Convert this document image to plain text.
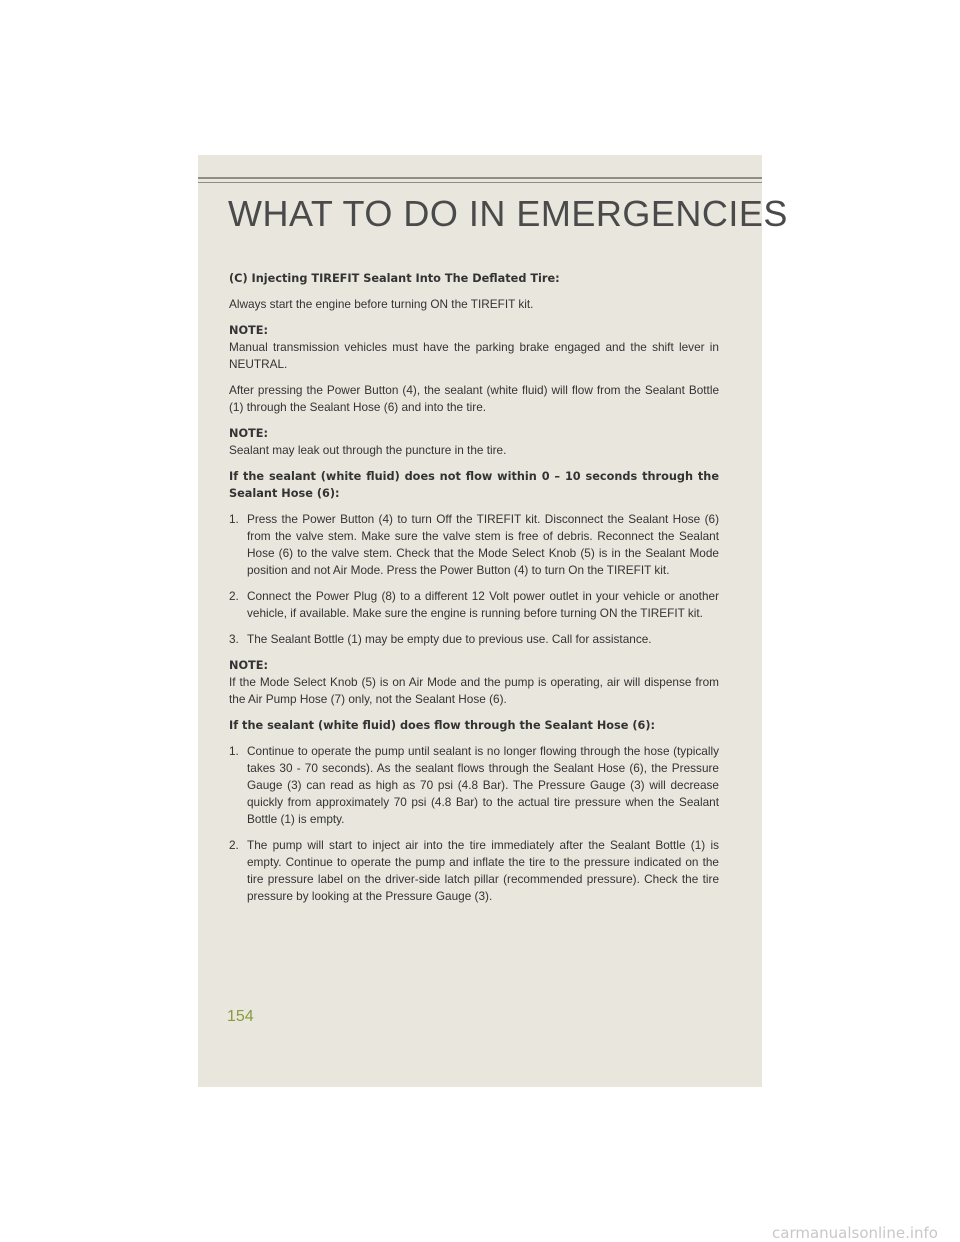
WHAT TO DO IN EMERGENCIES

(C) Injecting TIREFIT Sealant Into The Deflated Tire:

Always start the engine before turning ON the TIREFIT kit.

NOTE:
Manual transmission vehicles must have the parking brake engaged and the shift lever in NEUTRAL.

After pressing the Power Button (4), the sealant (white fluid) will flow from the Sealant Bottle (1) through the Sealant Hose (6) and into the tire.

NOTE:
Sealant may leak out through the puncture in the tire.

If the sealant (white fluid) does not flow within 0 – 10 seconds through the Sealant Hose (6):

1. Press the Power Button (4) to turn Off the TIREFIT kit. Disconnect the Sealant Hose (6) from the valve stem. Make sure the valve stem is free of debris. Reconnect the Sealant Hose (6) to the valve stem. Check that the Mode Select Knob (5) is in the Sealant Mode position and not Air Mode. Press the Power Button (4) to turn On the TIREFIT kit.
2. Connect the Power Plug (8) to a different 12 Volt power outlet in your vehicle or another vehicle, if available. Make sure the engine is running before turning ON the TIREFIT kit.
3. The Sealant Bottle (1) may be empty due to previous use. Call for assistance.

NOTE:
If the Mode Select Knob (5) is on Air Mode and the pump is operating, air will dispense from the Air Pump Hose (7) only, not the Sealant Hose (6).

If the sealant (white fluid) does flow through the Sealant Hose (6):

1. Continue to operate the pump until sealant is no longer flowing through the hose (typically takes 30 - 70 seconds). As the sealant flows through the Sealant Hose (6), the Pressure Gauge (3) can read as high as 70 psi (4.8 Bar). The Pressure Gauge (3) will decrease quickly from approximately 70 psi (4.8 Bar) to the actual tire pressure when the Sealant Bottle (1) is empty.
2. The pump will start to inject air into the tire immediately after the Sealant Bottle (1) is empty. Continue to operate the pump and inflate the tire to the pressure indicated on the tire pressure label on the driver-side latch pillar (recommended pressure). Check the tire pressure by looking at the Pressure Gauge (3).
154
carmanualsonline.info
